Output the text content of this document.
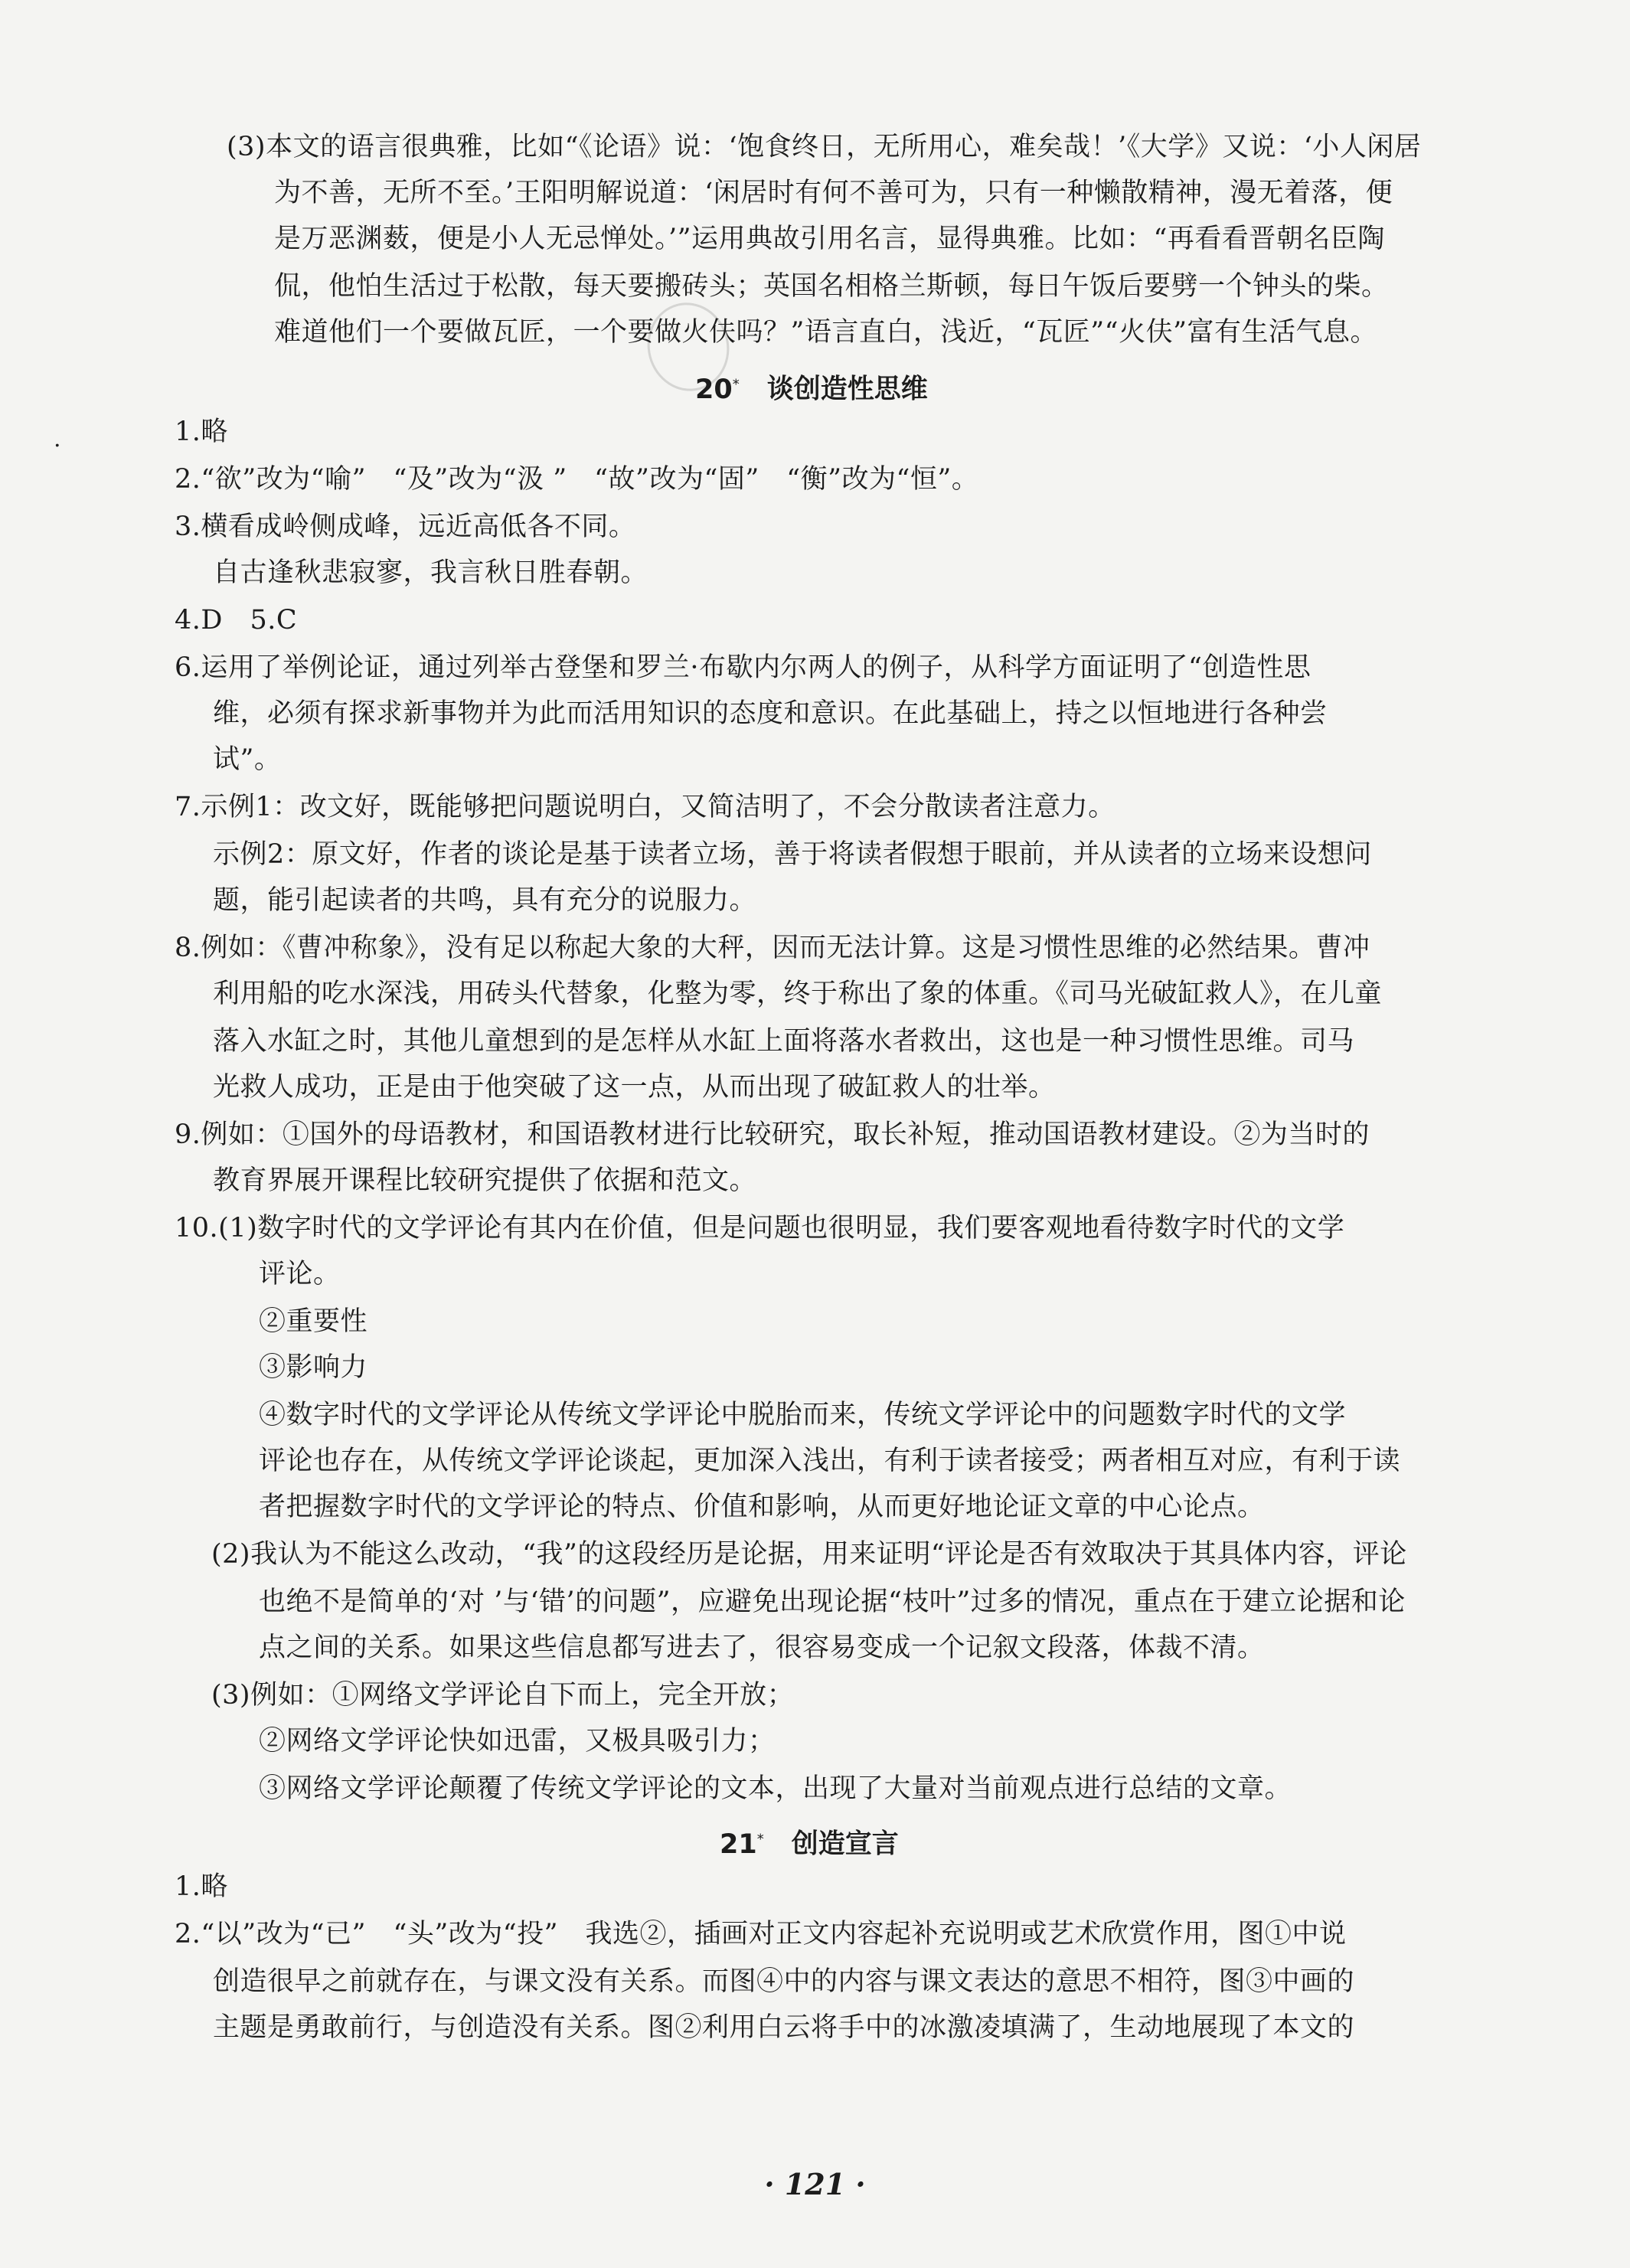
.
(3)本文的语言很典雅，比如“《论语》说：‘饱食终日，无所用心，难矣哉！’《大学》又说：‘小人闲居
为不善，无所不至。’王阳明解说道：‘闲居时有何不善可为，只有一种懒散精神，漫无着落，便
是万恶渊薮，便是小人无忌惮处。’”运用典故引用名言，显得典雅。比如：“再看看晋朝名臣陶
侃，他怕生活过于松散，每天要搬砖头；英国名相格兰斯顿，每日午饭后要劈一个钟头的柴。
难道他们一个要做瓦匠，一个要做火伕吗？”语言直白，浅近，“瓦匠”“火伕”富有生活气息。
1.略
2.“欲”改为“喻”　“及”改为“汲 ”　“故”改为“固”　“衡”改为“恒”。
3.横看成岭侧成峰，远近高低各不同。
自古逢秋悲寂寥，我言秋日胜春朝。
4.D　5.C
6.运用了举例论证，通过列举古登堡和罗兰·布歇内尔两人的例子，从科学方面证明了“创造性思
维，必须有探求新事物并为此而活用知识的态度和意识。在此基础上，持之以恒地进行各种尝
试”。
7.示例1：改文好，既能够把问题说明白，又简洁明了，不会分散读者注意力。
示例2：原文好，作者的谈论是基于读者立场，善于将读者假想于眼前，并从读者的立场来设想问
题，能引起读者的共鸣，具有充分的说服力。
8.例如：《曹冲称象》，没有足以称起大象的大秤，因而无法计算。这是习惯性思维的必然结果。曹冲
利用船的吃水深浅，用砖头代替象，化整为零，终于称出了象的体重。《司马光破缸救人》，在儿童
落入水缸之时，其他儿童想到的是怎样从水缸上面将落水者救出，这也是一种习惯性思维。司马
光救人成功，正是由于他突破了这一点，从而出现了破缸救人的壮举。
9.例如：①国外的母语教材，和国语教材进行比较研究，取长补短，推动国语教材建设。②为当时的
教育界展开课程比较研究提供了依据和范文。
10.(1)数字时代的文学评论有其内在价值，但是问题也很明显，我们要客观地看待数字时代的文学
评论。
②重要性
③影响力
④数字时代的文学评论从传统文学评论中脱胎而来，传统文学评论中的问题数字时代的文学
评论也存在，从传统文学评论谈起，更加深入浅出，有利于读者接受；两者相互对应，有利于读
者把握数字时代的文学评论的特点、价值和影响，从而更好地论证文章的中心论点。
(2)我认为不能这么改动，“我”的这段经历是论据，用来证明“评论是否有效取决于其具体内容，评论
也绝不是简单的‘对 ’与‘错’的问题”，应避免出现论据“枝叶”过多的情况，重点在于建立论据和论
点之间的关系。如果这些信息都写进去了，很容易变成一个记叙文段落，体裁不清。
(3)例如：①网络文学评论自下而上，完全开放；
②网络文学评论快如迅雷，又极具吸引力；
③网络文学评论颠覆了传统文学评论的文本，出现了大量对当前观点进行总结的文章。
1.略
2.“以”改为“已”　“头”改为“投”　我选②，插画对正文内容起补充说明或艺术欣赏作用，图①中说
创造很早之前就存在，与课文没有关系。而图④中的内容与课文表达的意思不相符，图③中画的
主题是勇敢前行，与创造没有关系。图②利用白云将手中的冰激凌填满了，生动地展现了本文的
20* 谈创造性思维
21* 创造宣言
· 121 ·
